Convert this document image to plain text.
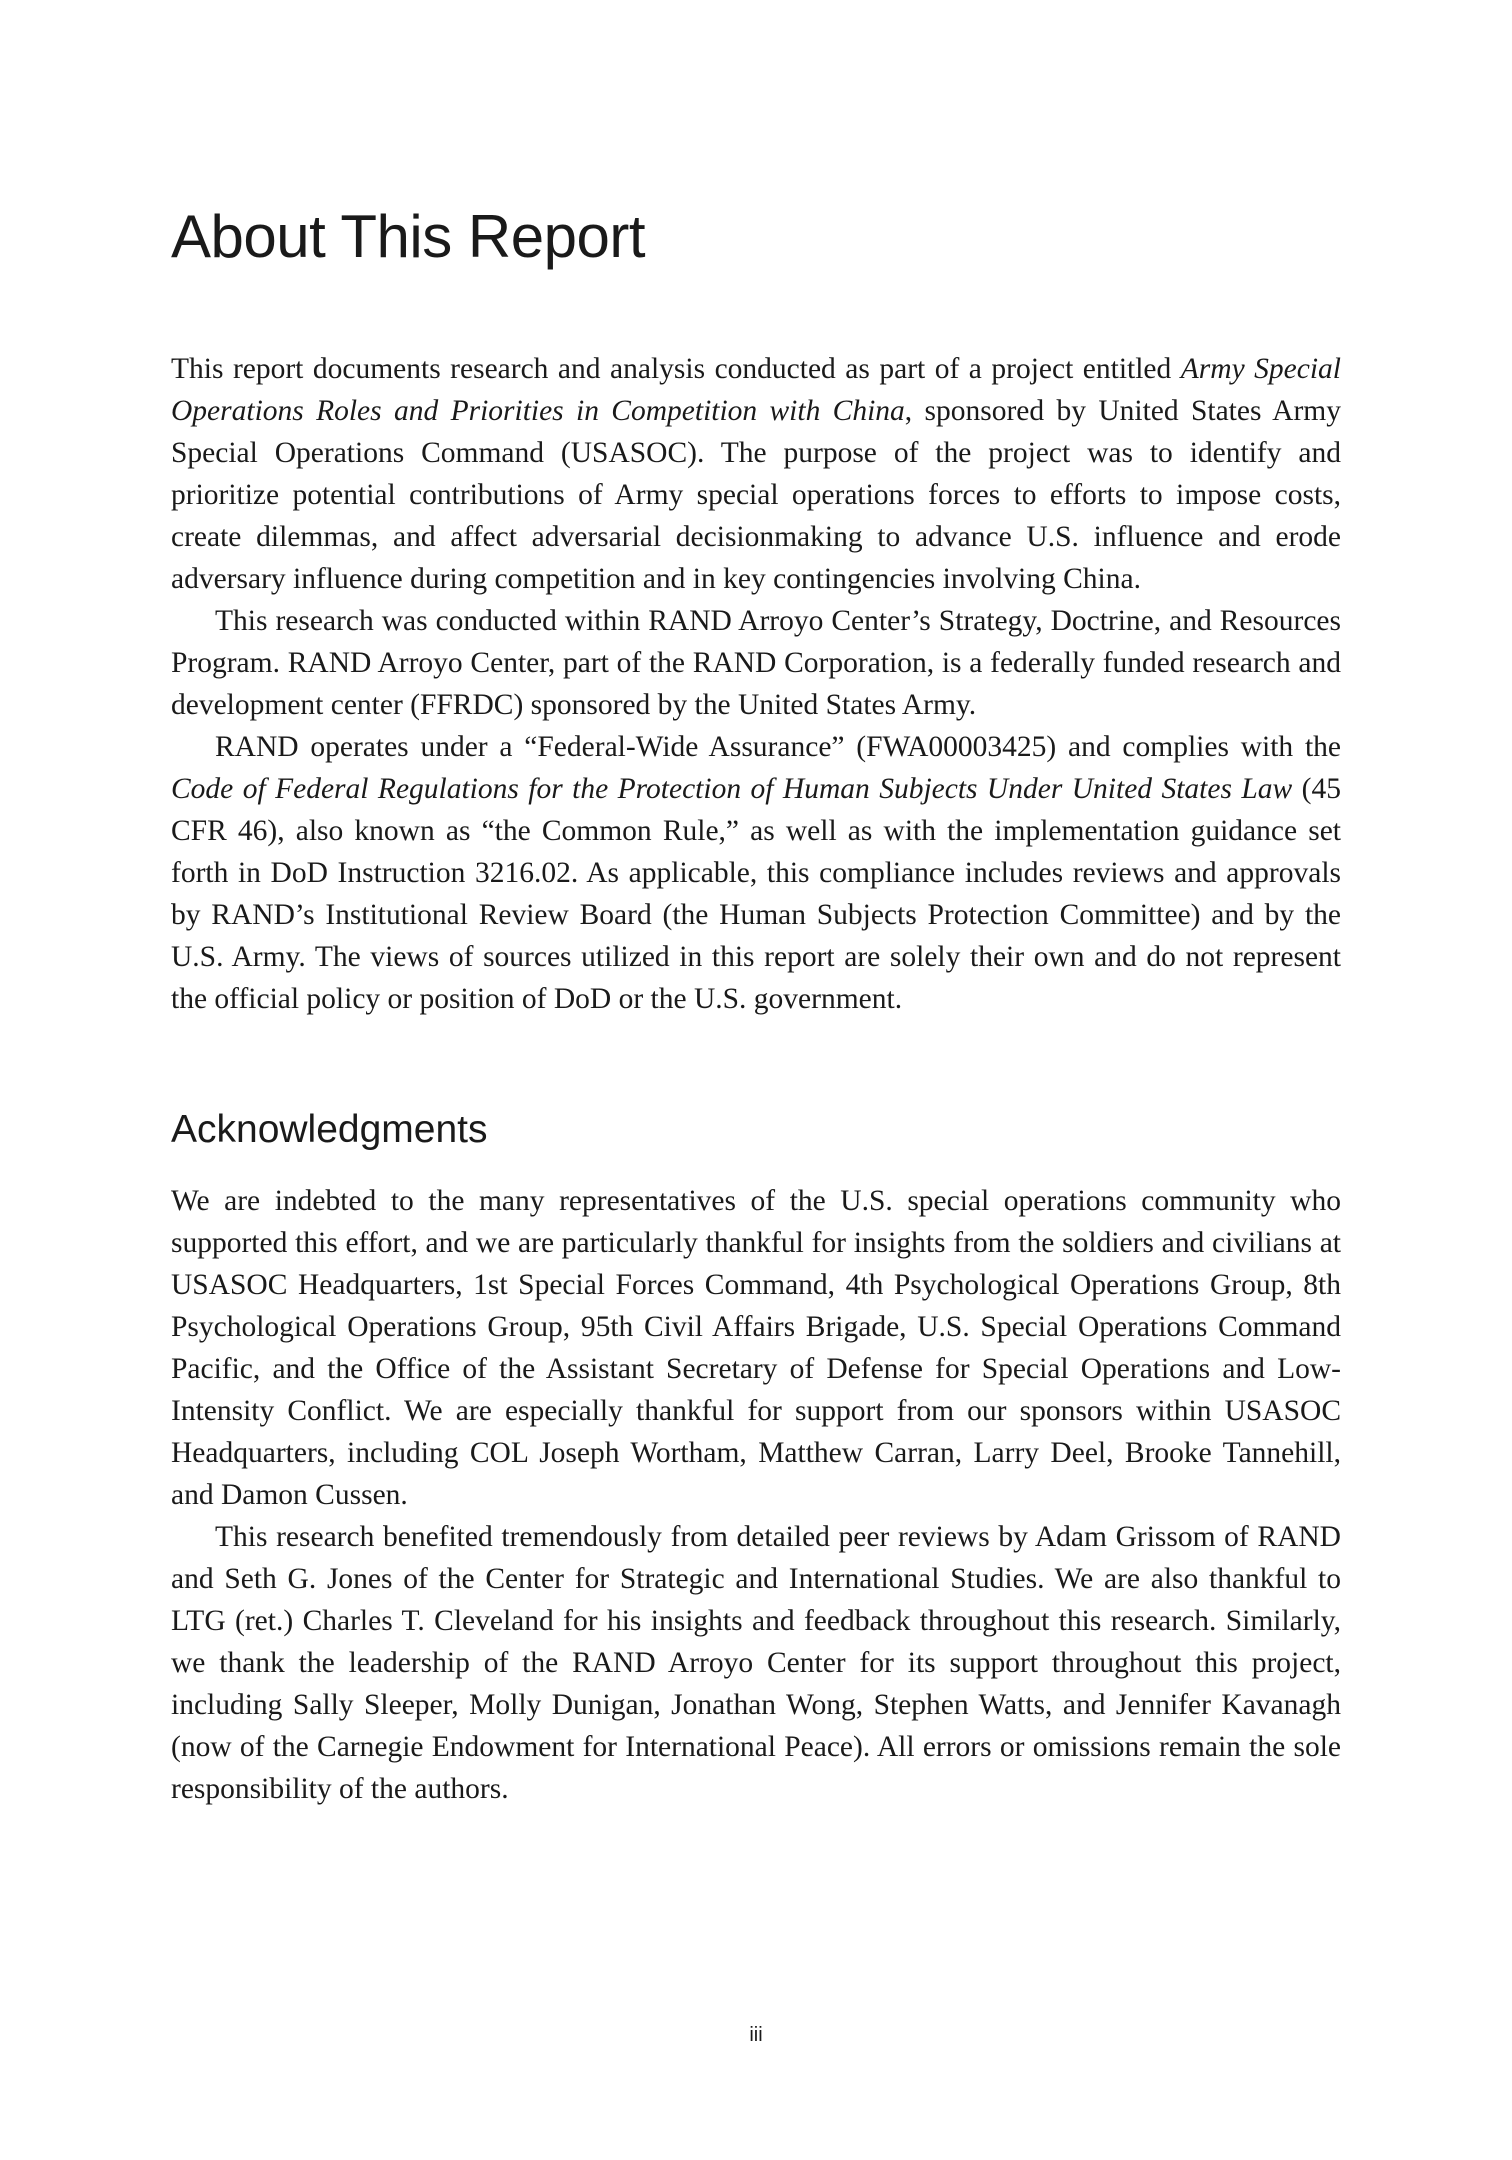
About This Report

This report documents research and analysis conducted as part of a project entitled Army Special Operations Roles and Priorities in Competition with China, sponsored by United States Army Special Operations Command (USASOC). The purpose of the project was to identify and prioritize potential contributions of Army special operations forces to efforts to impose costs, create dilemmas, and affect adversarial decisionmaking to advance U.S. influence and erode adversary influence during competition and in key contingencies involving China.

This research was conducted within RAND Arroyo Center’s Strategy, Doctrine, and Resources Program. RAND Arroyo Center, part of the RAND Corporation, is a federally funded research and development center (FFRDC) sponsored by the United States Army.

RAND operates under a “Federal-Wide Assurance” (FWA00003425) and complies with the Code of Federal Regulations for the Protection of Human Subjects Under United States Law (45 CFR 46), also known as “the Common Rule,” as well as with the implementation guidance set forth in DoD Instruction 3216.02. As applicable, this compliance includes reviews and approvals by RAND’s Institutional Review Board (the Human Subjects Protection Committee) and by the U.S. Army. The views of sources utilized in this report are solely their own and do not represent the official policy or position of DoD or the U.S. government.

Acknowledgments

We are indebted to the many representatives of the U.S. special operations community who supported this effort, and we are particularly thankful for insights from the soldiers and civilians at USASOC Headquarters, 1st Special Forces Command, 4th Psychological Operations Group, 8th Psychological Operations Group, 95th Civil Affairs Brigade, U.S. Special Operations Command Pacific, and the Office of the Assistant Secretary of Defense for Special Operations and Low-Intensity Conflict. We are especially thankful for support from our sponsors within USASOC Headquarters, including COL Joseph Wortham, Matthew Carran, Larry Deel, Brooke Tannehill, and Damon Cussen.

This research benefited tremendously from detailed peer reviews by Adam Grissom of RAND and Seth G. Jones of the Center for Strategic and International Studies. We are also thankful to LTG (ret.) Charles T. Cleveland for his insights and feedback throughout this research. Similarly, we thank the leadership of the RAND Arroyo Center for its support throughout this project, including Sally Sleeper, Molly Dunigan, Jonathan Wong, Stephen Watts, and Jennifer Kavanagh (now of the Carnegie Endowment for International Peace). All errors or omissions remain the sole responsibility of the authors.

iii
